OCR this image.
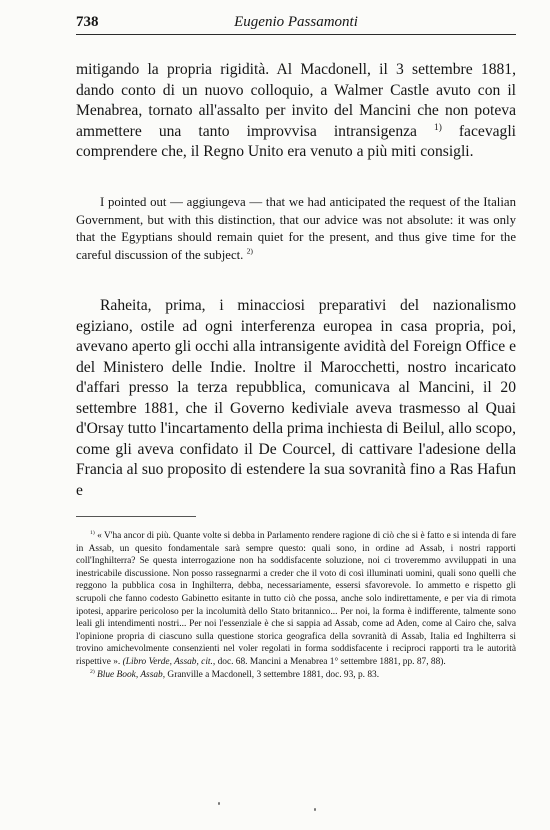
738	Eugenio Passamonti

mitigando la propria rigidità. Al Macdonell, il 3 settembre 1881, dando conto di un nuovo colloquio, a Walmer Castle avuto con il Menabrea, tornato all'assalto per invito del Mancini che non poteva ammettere una tanto improvvisa intransigenza $^{1)}$ facevagli comprendere che, il Regno Unito era venuto a più miti consigli.

I pointed out — aggiungeva — that we had anticipated the request of the Italian Government, but with this distinction, that our advice was not absolute: it was only that the Egyptians should remain quiet for the present, and thus give time for the careful discussion of the subject. $^{2)}$

Raheita, prima, i minacciosi preparativi del nazionalismo egiziano, ostile ad ogni interferenza europea in casa propria, poi, avevano aperto gli occhi alla intransigente avidità del Foreign Office e del Ministero delle Indie. Inoltre il Marocchetti, nostro incaricato d'affari presso la terza repubblica, comunicava al Mancini, il 20 settembre 1881, che il Governo kediviale aveva trasmesso al Quai d'Orsay tutto l'incartamento della prima inchiesta di Beilul, allo scopo, come gli aveva confidato il De Courcel, di cattivare l'adesione della Francia al suo proposito di estendere la sua sovranità fino a Ras Hafun e

$^{1)}$ « V'ha ancor di più. Quante volte si debba in Parlamento rendere ragione di ciò che si è fatto e si intenda di fare in Assab, un quesito fondamentale sarà sempre questo: quali sono, in ordine ad Assab, i nostri rapporti coll'Inghilterra? Se questa interrogazione non ha soddisfacente soluzione, noi ci troveremmo avviluppati in una inestricabile discussione. Non posso rassegnarmi a creder che il voto di così illuminati uomini, quali sono quelli che reggono la pubblica cosa in Inghilterra, debba, necessariamente, essersi sfavorevole. Io ammetto e rispetto gli scrupoli che fanno codesto Gabinetto esitante in tutto ciò che possa, anche solo indirettamente, e per via di rimota ipotesi, apparire pericoloso per la incolumità dello Stato britannico... Per noi, la forma è indifferente, talmente sono leali gli intendimenti nostri... Per noi l'essenziale è che si sappia ad Assab, come ad Aden, come al Cairo che, salva l'opinione propria di ciascuno sulla questione storica geografica della sovranità di Assab, Italia ed Inghilterra si trovino amichevolmente consenzienti nel voler regolati in forma soddisfacente i reciproci rapporti tra le autorità rispettive ». (Libro Verde, Assab, cit., doc. 68. Mancini a Menabrea 1° settembre 1881, pp. 87, 88).

$^{2)}$ Blue Book, Assab, Granville a Macdonell, 3 settembre 1881, doc. 93, p. 83.
